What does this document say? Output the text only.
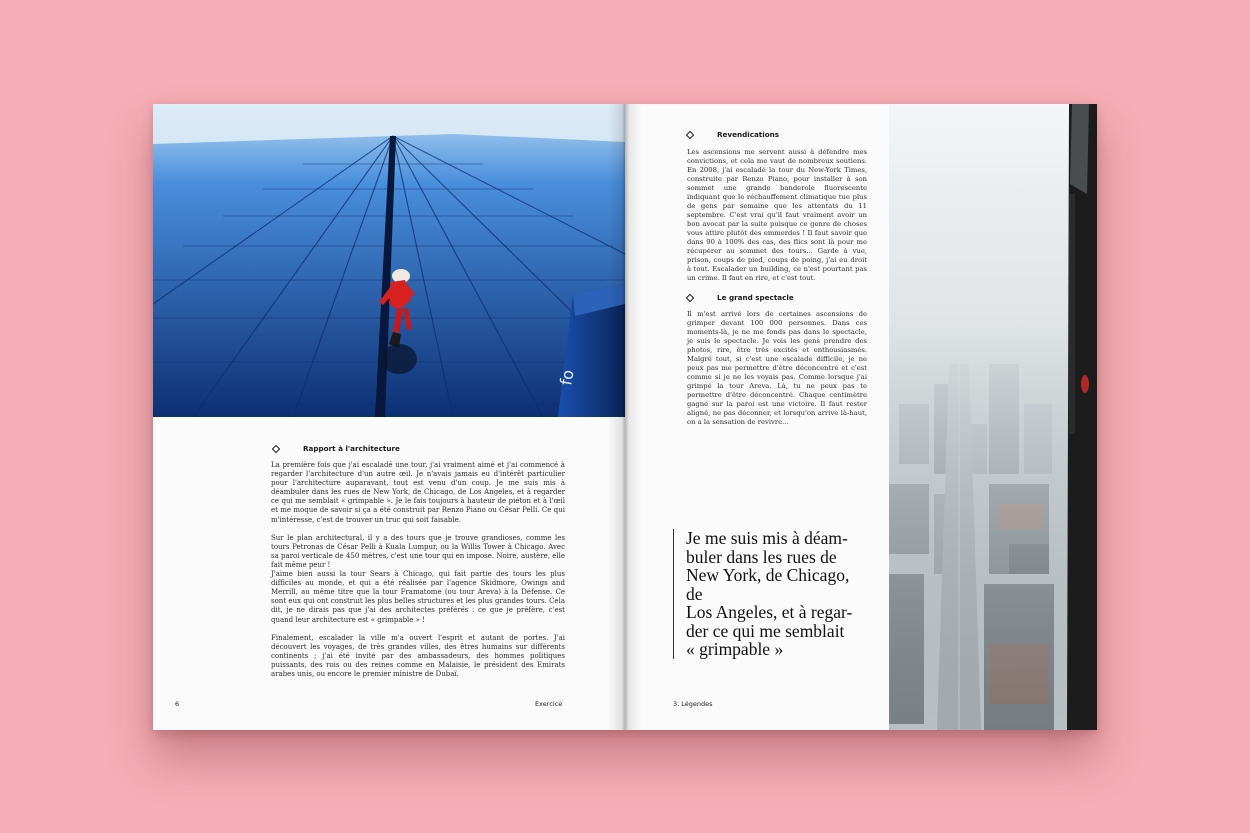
fo
Rapport à l'architecture

La première fois que j'ai escaladé une tour, j'ai vraiment aimé et j'ai commencé à regarder l'architecture d'un autre œil. Je n'avais jamais eu d'intérêt particulier pour l'architecture auparavant, tout est venu d'un coup. Je me suis mis à déambuler dans les rues de New York, de Chicago, de Los Angeles, et à regarder ce qui me semblait « grimpable ». Je le fais toujours à hauteur de piéton et à l'œil et me moque de savoir si ça a été construit par Renzo Piano ou César Pelli. Ce qui m'intéresse, c'est de trouver un truc qui soit faisable.

Sur le plan architectural, il y a des tours que je trouve grandioses, comme les tours Petronas de César Pelli à Kuala Lumpur, ou la Willis Tower à Chicago. Avec sa paroi verticale de 450 mètres, c'est une tour qui en impose. Noire, austère, elle fait même peur !
J'aime bien aussi la tour Sears à Chicago, qui fait partie des tours les plus difficiles au monde, et qui a été réalisée par l'agence Skidmore, Owings and Merrill, au même titre que la tour Framatome (ou tour Areva) à la Défense. Ce sont eux qui ont construit les plus belles structures et les plus grandes tours. Cela dit, je ne dirais pas que j'ai des architectes préférés : ce que je préfère, c'est quand leur architecture est « grimpable » !

Finalement, escalader la ville m'a ouvert l'esprit et autant de portes. J'ai découvert les voyages, de très grandes villes, des êtres humains sur différents continents ; j'ai été invité par des ambassadeurs, des hommes politiques puissants, des rois ou des reines comme en Malaisie, le président des Emirats arabes unis, ou encore le premier ministre de Dubaï.

6	Exercice
Revendications

Les ascensions me servent aussi à défendre mes convictions, et cela me vaut de nombreux soutiens. En 2008, j'ai escaladé la tour du New-York Times, construite par Renzo Piano, pour installer à son sommet une grande banderole fluorescente indiquant que le réchauffement climatique tue plus de gens par semaine que les attentats du 11 septembre. C'est vrai qu'il faut vraiment avoir un bon avocat par la suite puisque ce genre de choses vous attire plutôt des emmerdes ! Il faut savoir que dans 90 à 100% des cas, des flics sont là pour me récupérer au sommet des tours... Garde à vue, prison, coups de pied, coups de poing, j'ai eu droit à tout. Escalader un building, ce n'est pourtant pas un crime. Il faut en rire, et c'est tout.

Le grand spectacle

Il m'est arrivé lors de certaines ascensions de grimper devant 100 000 personnes. Dans ces moments-là, je ne me fonds pas dans le spectacle, je suis le spectacle. Je vois les gens prendre des photos, rire, être très excités et enthousiasmés. Malgré tout, si c'est une escalade difficile, je ne peux pas me permettre d'être déconcentré et c'est comme si je ne les voyais pas. Comme lorsque j'ai grimpé la tour Areva. Là, tu ne peux pas te permettre d'être déconcentré. Chaque centimètre gagné sur la paroi est une victoire. Il faut rester aligné, ne pas déconner, et lorsqu'on arrive là-haut, on a la sensation de revivre...

Je me suis mis à déam-
buler dans les rues de
New York, de Chicago, de
Los Angeles, et à regar-
der ce qui me semblait
« grimpable »

3. Légendes
